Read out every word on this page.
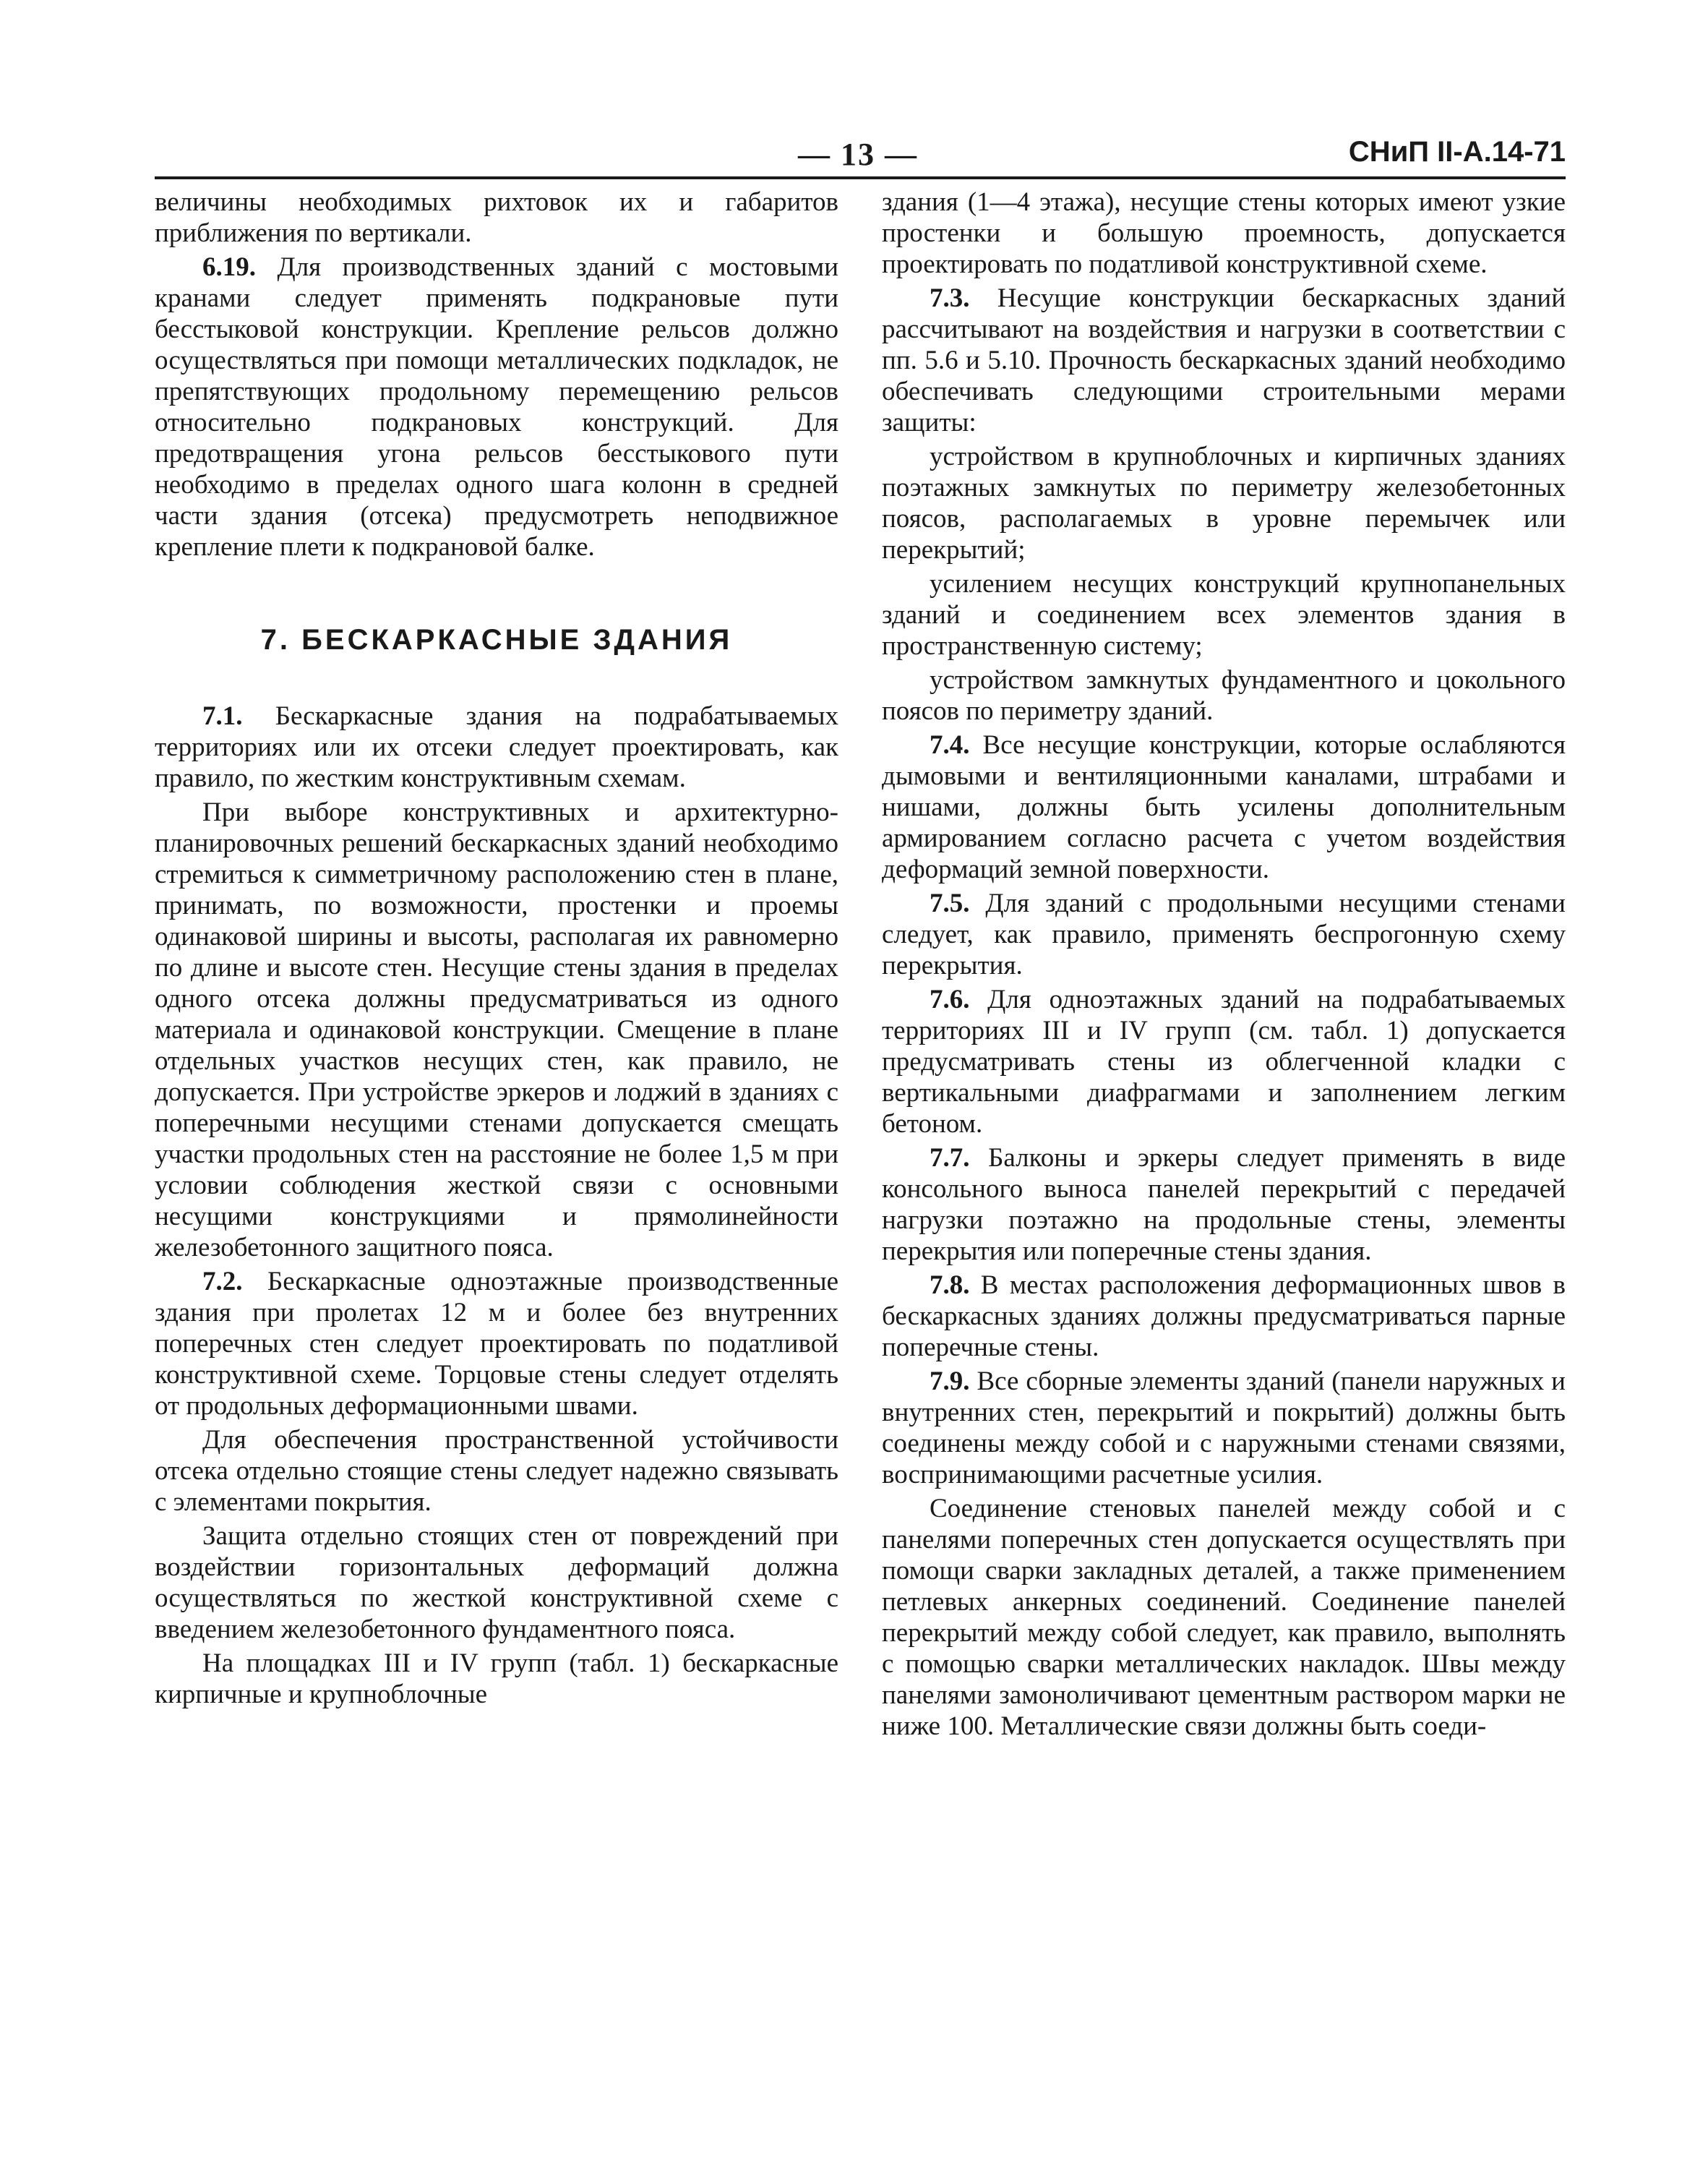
— 13 —	СНиП II-А.14-71

величины необходимых рихтовок их и габаритов приближения по вертикали.

6.19. Для производственных зданий с мостовыми кранами следует применять подкрановые пути бесстыковой конструкции. Крепление рельсов должно осуществляться при помощи металлических подкладок, не препятствующих продольному перемещению рельсов относительно подкрановых конструкций. Для предотвращения угона рельсов бесстыкового пути необходимо в пределах одного шага колонн в средней части здания (отсека) предусмотреть неподвижное крепление плети к подкрановой балке.

7. БЕСКАРКАСНЫЕ ЗДАНИЯ

7.1. Бескаркасные здания на подрабатываемых территориях или их отсеки следует проектировать, как правило, по жестким конструктивным схемам.

При выборе конструктивных и архитектурно-планировочных решений бескаркасных зданий необходимо стремиться к симметричному расположению стен в плане, принимать, по возможности, простенки и проемы одинаковой ширины и высоты, располагая их равномерно по длине и высоте стен. Несущие стены здания в пределах одного отсека должны предусматриваться из одного материала и одинаковой конструкции. Смещение в плане отдельных участков несущих стен, как правило, не допускается. При устройстве эркеров и лоджий в зданиях с поперечными несущими стенами допускается смещать участки продольных стен на расстояние не более 1,5 м при условии соблюдения жесткой связи с основными несущими конструкциями и прямолинейности железобетонного защитного пояса.

7.2. Бескаркасные одноэтажные производственные здания при пролетах 12 м и более без внутренних поперечных стен следует проектировать по податливой конструктивной схеме. Торцовые стены следует отделять от продольных деформационными швами.

Для обеспечения пространственной устойчивости отсека отдельно стоящие стены следует надежно связывать с элементами покрытия.

Защита отдельно стоящих стен от повреждений при воздействии горизонтальных деформаций должна осуществляться по жесткой конструктивной схеме с введением железобетонного фундаментного пояса.

На площадках III и IV групп (табл. 1) бескаркасные кирпичные и крупноблочные

здания (1—4 этажа), несущие стены которых имеют узкие простенки и большую проемность, допускается проектировать по податливой конструктивной схеме.

7.3. Несущие конструкции бескаркасных зданий рассчитывают на воздействия и нагрузки в соответствии с пп. 5.6 и 5.10. Прочность бескаркасных зданий необходимо обеспечивать следующими строительными мерами защиты:

устройством в крупноблочных и кирпичных зданиях поэтажных замкнутых по периметру железобетонных поясов, располагаемых в уровне перемычек или перекрытий;

усилением несущих конструкций крупнопанельных зданий и соединением всех элементов здания в пространственную систему;

устройством замкнутых фундаментного и цокольного поясов по периметру зданий.

7.4. Все несущие конструкции, которые ослабляются дымовыми и вентиляционными каналами, штрабами и нишами, должны быть усилены дополнительным армированием согласно расчета с учетом воздействия деформаций земной поверхности.

7.5. Для зданий с продольными несущими стенами следует, как правило, применять беспрогонную схему перекрытия.

7.6. Для одноэтажных зданий на подрабатываемых территориях III и IV групп (см. табл. 1) допускается предусматривать стены из облегченной кладки с вертикальными диафрагмами и заполнением легким бетоном.

7.7. Балконы и эркеры следует применять в виде консольного выноса панелей перекрытий с передачей нагрузки поэтажно на продольные стены, элементы перекрытия или поперечные стены здания.

7.8. В местах расположения деформационных швов в бескаркасных зданиях должны предусматриваться парные поперечные стены.

7.9. Все сборные элементы зданий (панели наружных и внутренних стен, перекрытий и покрытий) должны быть соединены между собой и с наружными стенами связями, воспринимающими расчетные усилия.

Соединение стеновых панелей между собой и с панелями поперечных стен допускается осуществлять при помощи сварки закладных деталей, а также применением петлевых анкерных соединений. Соединение панелей перекрытий между собой следует, как правило, выполнять с помощью сварки металлических накладок. Швы между панелями замоноличивают цементным раствором марки не ниже 100. Металлические связи должны быть соеди-
